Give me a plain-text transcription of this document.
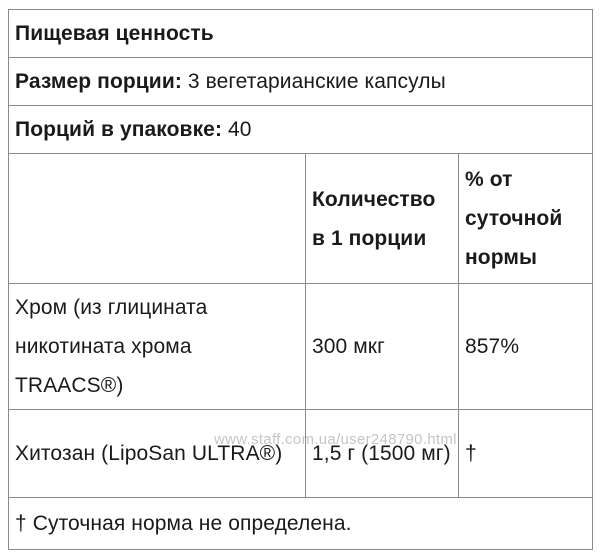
Пищевая ценность		
Размер порции: 3 вегетарианские капсулы		
Порций в упаковке: 40		
	Количество в 1 порции	% от суточной нормы
Хром (из глицината никотината хрома TRAACS®)	300 мкг	857%
Хитозан (LipoSan ULTRA®)	1,5 г (1500 мг)	†
† Суточная норма не определена.		
www.staff.com.ua/user248790.html
